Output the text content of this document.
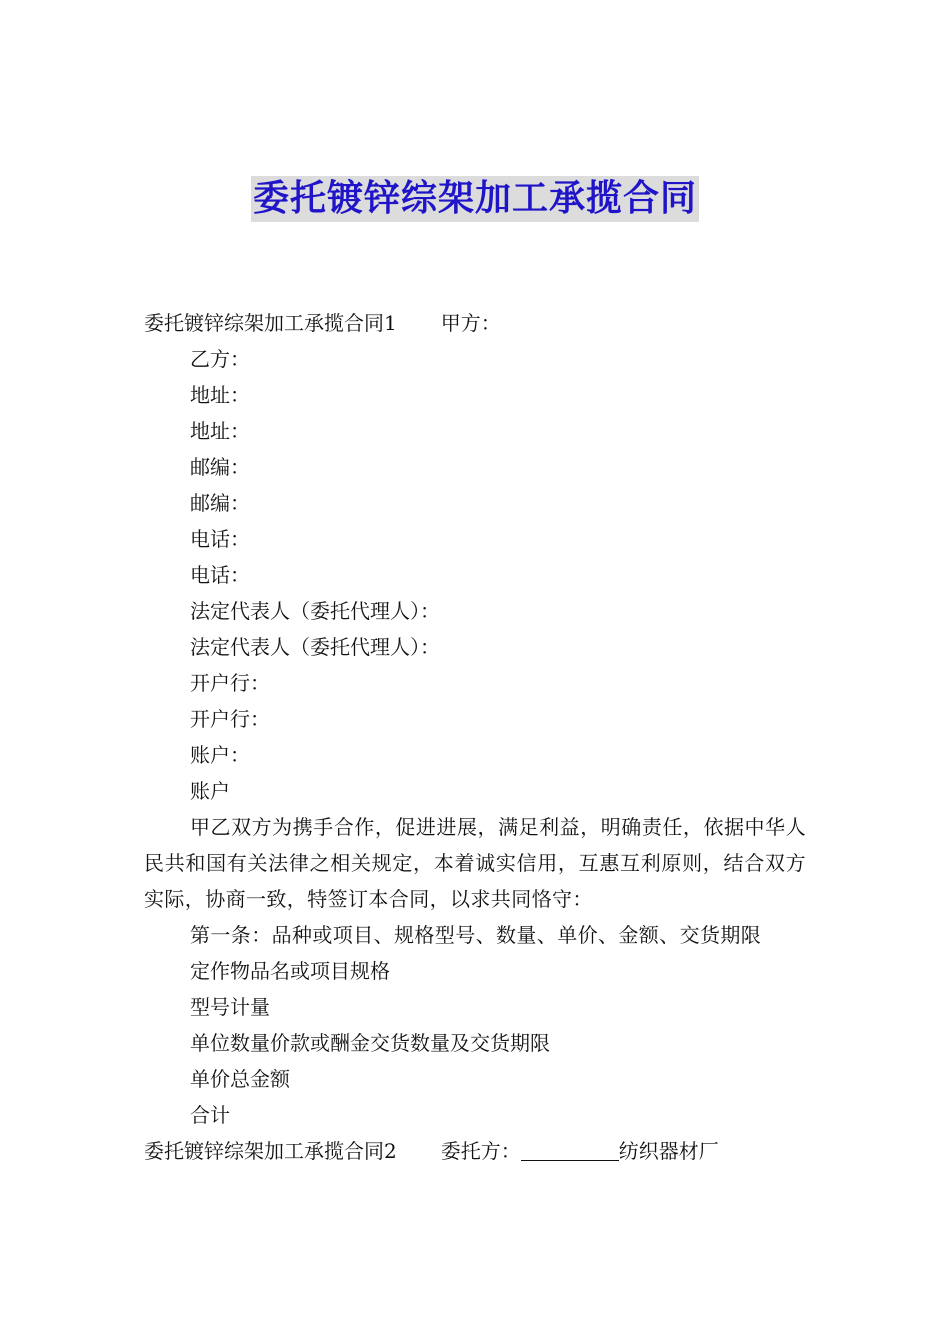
委托镀锌综架加工承揽合同
委托镀锌综架加工承揽合同1 甲方：
乙方：
地址：
地址：
邮编：
邮编：
电话：
电话：
法定代表人（委托代理人）：
法定代表人（委托代理人）：
开户行：
开户行：
账户：
账户
甲乙双方为携手合作，促进进展，满足利益，明确责任，依据中华人民共和国有关法律之相关规定，本着诚实信用，互惠互利原则，结合双方实际，协商一致，特签订本合同，以求共同恪守：
第一条：品种或项目、规格型号、数量、单价、金额、交货期限
定作物品名或项目规格
型号计量
单位数量价款或酬金交货数量及交货期限
单价总金额
合计
委托镀锌综架加工承揽合同2 委托方：	纺织器材厂
